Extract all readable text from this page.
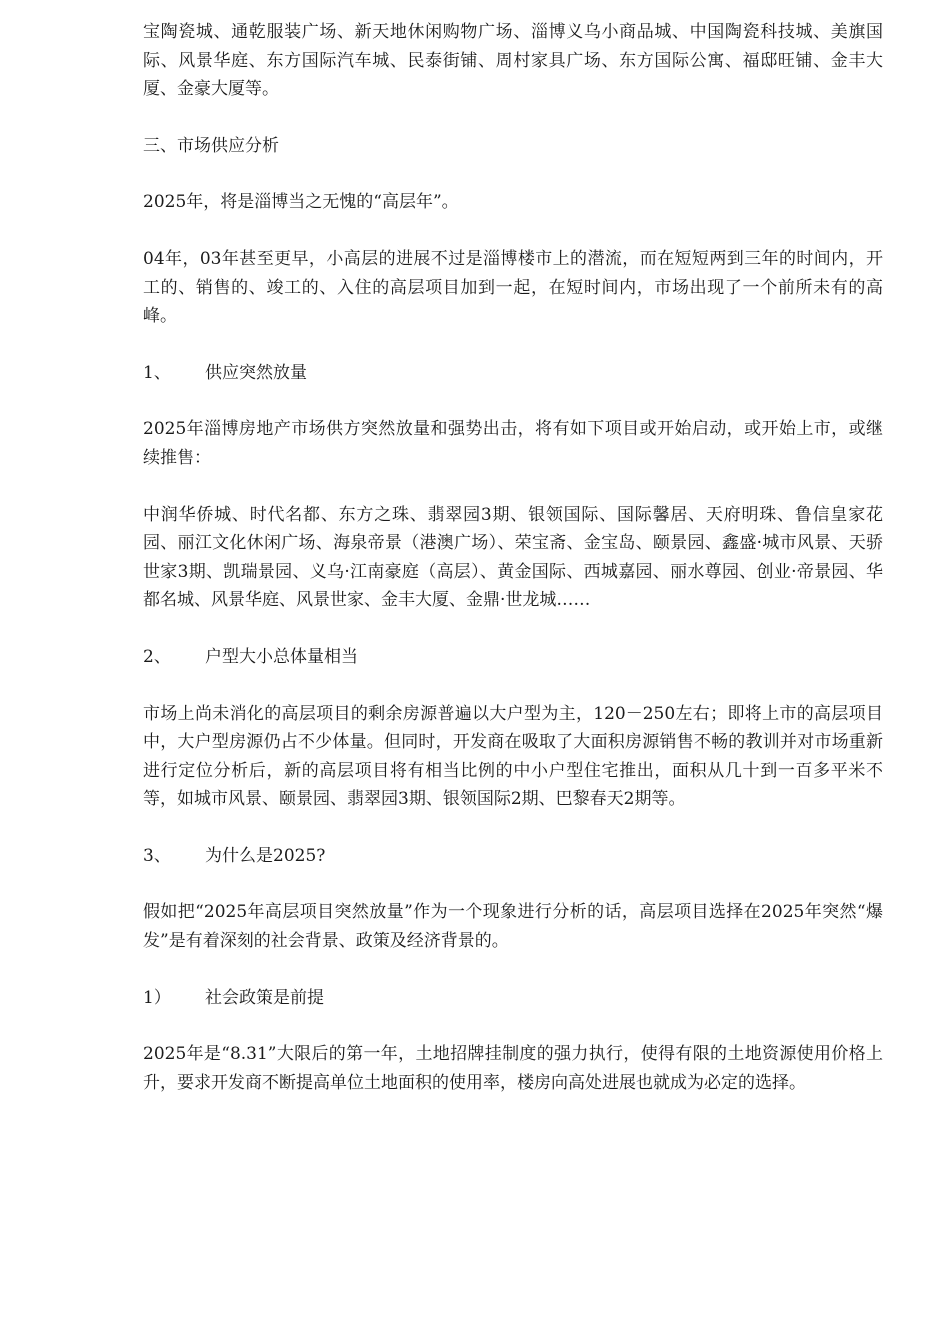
宝陶瓷城、通乾服装广场、新天地休闲购物广场、淄博义乌小商品城、中国陶瓷科技城、美旗国际、风景华庭、东方国际汽车城、民泰街铺、周村家具广场、东方国际公寓、福邸旺铺、金丰大厦、金豪大厦等。

三、市场供应分析

2025年，将是淄博当之无愧的“高层年”。

04年，03年甚至更早，小高层的进展不过是淄博楼市上的潜流，而在短短两到三年的时间内，开工的、销售的、竣工的、入住的高层项目加到一起，在短时间内，市场出现了一个前所未有的高峰。

1、 供应突然放量

2025年淄博房地产市场供方突然放量和强势出击，将有如下项目或开始启动，或开始上市，或继续推售：

中润华侨城、时代名都、东方之珠、翡翠园3期、银领国际、国际馨居、天府明珠、鲁信皇家花园、丽江文化休闲广场、海泉帝景（港澳广场）、荣宝斋、金宝岛、颐景园、鑫盛·城市风景、天骄世家3期、凯瑞景园、义乌·江南豪庭（高层）、黄金国际、西城嘉园、丽水尊园、创业·帝景园、华都名城、风景华庭、风景世家、金丰大厦、金鼎·世龙城……

2、 户型大小总体量相当

市场上尚未消化的高层项目的剩余房源普遍以大户型为主，120－250左右；即将上市的高层项目中，大户型房源仍占不少体量。但同时，开发商在吸取了大面积房源销售不畅的教训并对市场重新进行定位分析后，新的高层项目将有相当比例的中小户型住宅推出，面积从几十到一百多平米不等，如城市风景、颐景园、翡翠园3期、银领国际2期、巴黎春天2期等。

3、 为什么是2025?

假如把“2025年高层项目突然放量”作为一个现象进行分析的话，高层项目选择在2025年突然“爆发”是有着深刻的社会背景、政策及经济背景的。

1） 社会政策是前提

2025年是“8.31”大限后的第一年，土地招牌挂制度的强力执行，使得有限的土地资源使用价格上升，要求开发商不断提高单位土地面积的使用率，楼房向高处进展也就成为必定的选择。
